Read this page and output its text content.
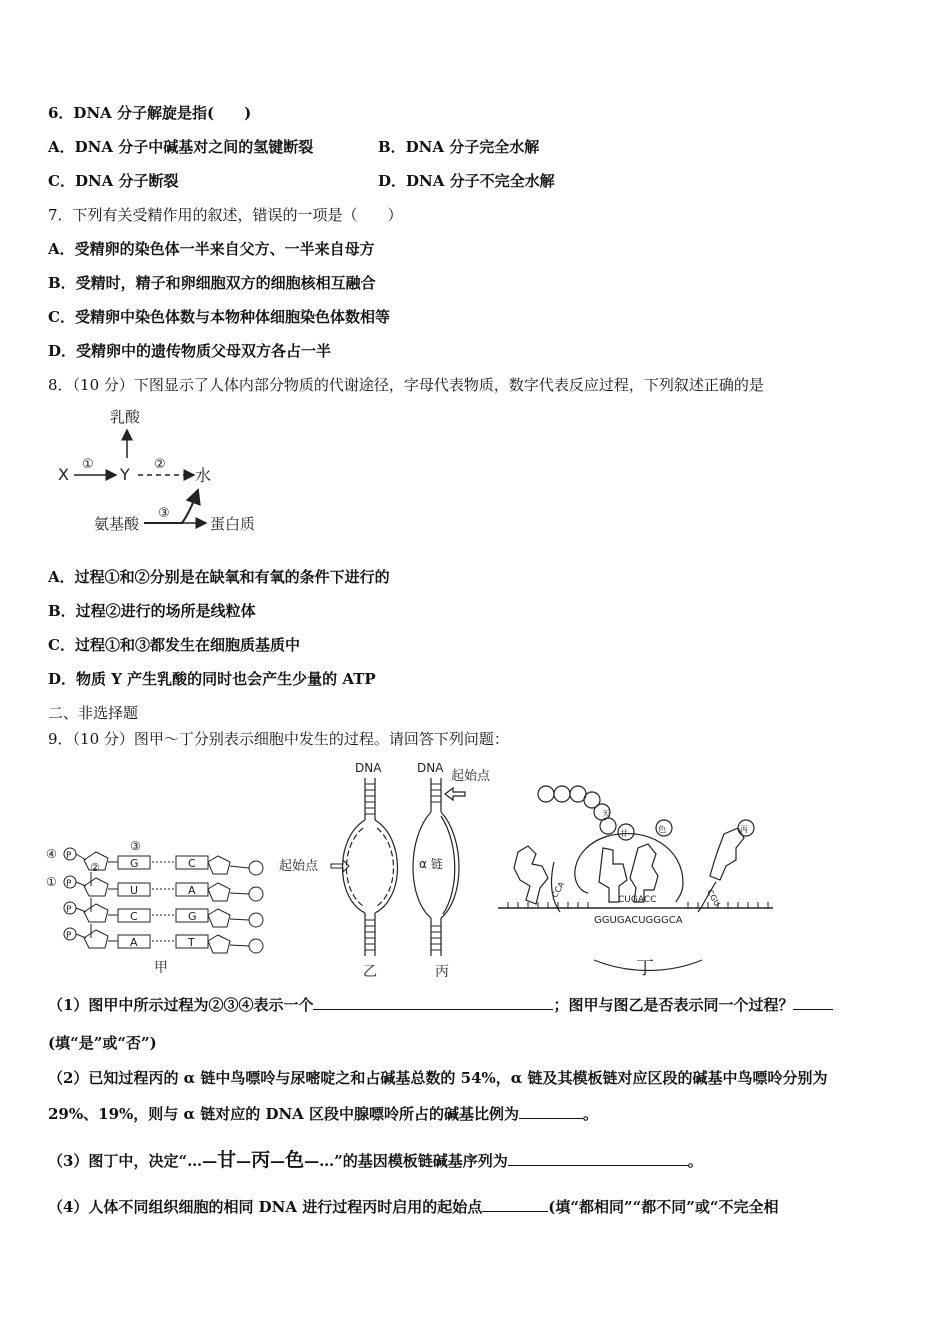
6．DNA 分子解旋是指(　　)
A．DNA 分子中碱基对之间的氢键断裂	B．DNA 分子完全水解
C．DNA 分子断裂	D．DNA 分子不完全水解
7．下列有关受精作用的叙述，错误的一项是（　　）
A．受精卵的染色体一半来自父方、一半来自母方
B．受精时，精子和卵细胞双方的细胞核相互融合
C．受精卵中染色体数与本物种体细胞染色体数相等
D．受精卵中的遗传物质父母双方各占一半
8．（10 分）下图显示了人体内部分物质的代谢途径，字母代表物质，数字代表反应过程，下列叙述正确的是
乳酸
X
①
Y
②
水
氨基酸
③
蛋白质
A．过程①和②分别是在缺氧和有氧的条件下进行的
B．过程②进行的场所是线粒体
C．过程①和③都发生在细胞质基质中
D．物质 Y 产生乳酸的同时也会产生少量的 ATP
二、非选择题
9．（10 分）图甲～丁分别表示细胞中发生的过程。请回答下列问题：
③
④
①
P
P
P
P
②	G
U
C
A
C
A
G
T
甲
DNA
起始点
乙
DNA
起始点
α 链
丙
甘
天
色	丙
CCA	CGU
CUGACC
GGUGACUGGGCA
丁
（1）图甲中所示过程为②③④表示一个	；图甲与图乙是否表示同一个过程？
(填“是”或“否”)
（2）已知过程丙的 α 链中鸟嘌呤与尿嘧啶之和占碱基总数的 54%，α 链及其模板链对应区段的碱基中鸟嘌呤分别为
29%、19%，则与 α 链对应的 DNA 区段中腺嘌呤所占的碱基比例为	。
（3）图丁中，决定“…—甘—丙—色—…”的基因模板链碱基序列为	。
（4）人体不同组织细胞的相同 DNA 进行过程丙时启用的起始点	(填“都相同”“都不同”或“不完全相
